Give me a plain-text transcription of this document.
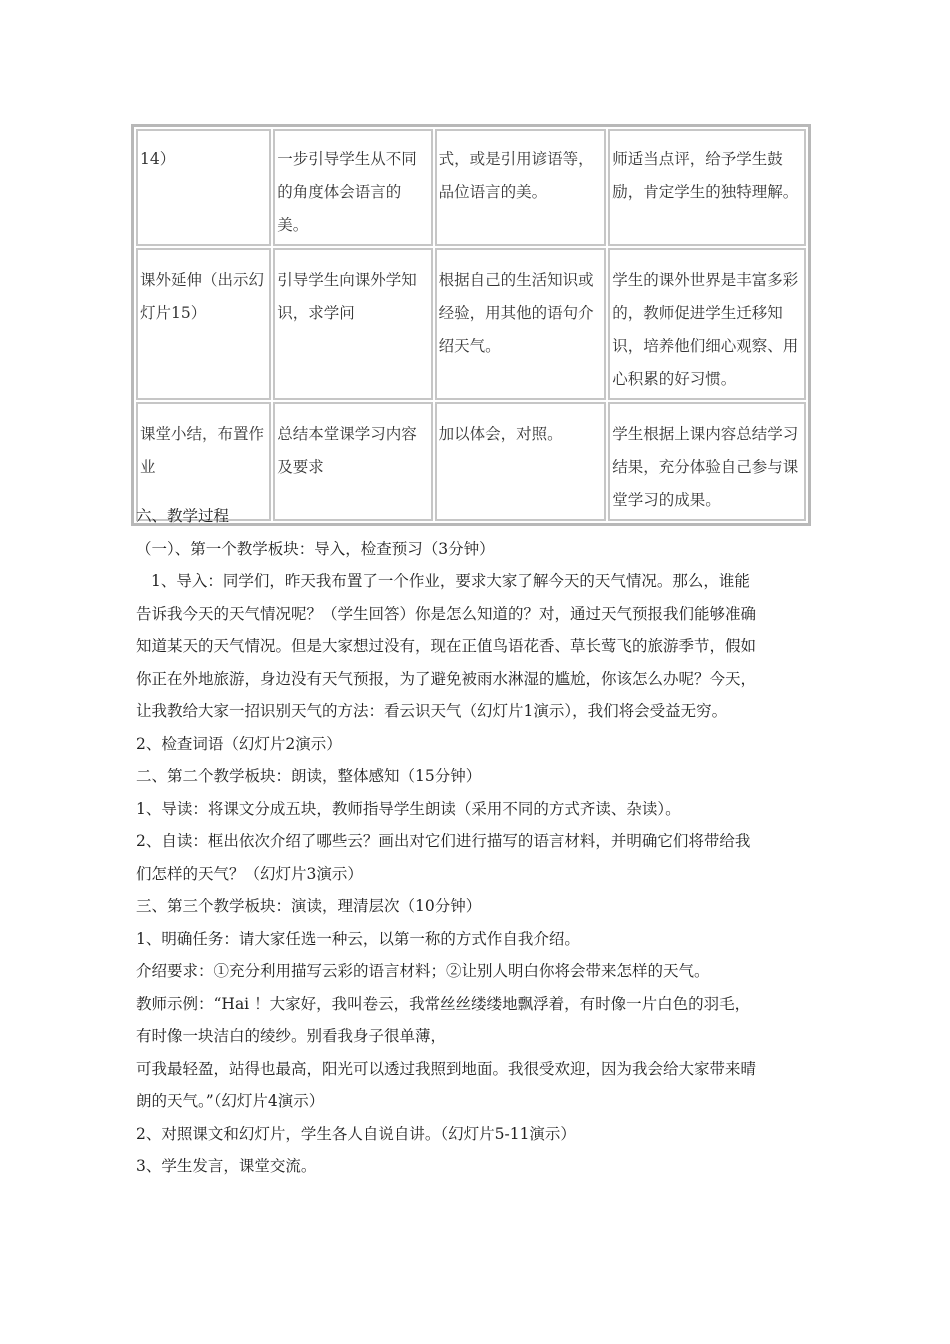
14）	一步引导学生从不同的角度体会语言的美。	式，或是引用谚语等，品位语言的美。	师适当点评，给予学生鼓励，肯定学生的独特理解。
课外延伸（出示幻灯片15）	引导学生向课外学知识，求学问	根据自己的生活知识或经验，用其他的语句介绍天气。	学生的课外世界是丰富多彩的，教师促进学生迁移知识，培养他们细心观察、用心积累的好习惯。
课堂小结，布置作业	总结本堂课学习内容及要求	加以体会，对照。	学生根据上课内容总结学习结果，充分体验自己参与课堂学习的成果。
六、教学过程
（一）、第一个教学板块：导入，检查预习（3分钟）
1、导入：同学们，昨天我布置了一个作业，要求大家了解今天的天气情况。那么，谁能
告诉我今天的天气情况呢？（学生回答）你是怎么知道的？对，通过天气预报我们能够准确
知道某天的天气情况。但是大家想过没有，现在正值鸟语花香、草长莺飞的旅游季节，假如
你正在外地旅游，身边没有天气预报，为了避免被雨水淋湿的尴尬，你该怎么办呢？今天，
让我教给大家一招识别天气的方法：看云识天气（幻灯片1演示），我们将会受益无穷。
2、检查词语（幻灯片2演示）
二、第二个教学板块：朗读，整体感知（15分钟）
1、导读：将课文分成五块，教师指导学生朗读（采用不同的方式齐读、杂读）。
2、自读：框出依次介绍了哪些云？画出对它们进行描写的语言材料，并明确它们将带给我
们怎样的天气？（幻灯片3演示）
三、第三个教学板块：演读，理清层次（10分钟）
1、明确任务：请大家任选一种云，以第一称的方式作自我介绍。
介绍要求：①充分利用描写云彩的语言材料；②让别人明白你将会带来怎样的天气。
教师示例：“Hai ！大家好，我叫卷云，我常丝丝缕缕地飘浮着，有时像一片白色的羽毛，
有时像一块洁白的绫纱。别看我身子很单薄，
可我最轻盈，站得也最高，阳光可以透过我照到地面。我很受欢迎，因为我会给大家带来晴
朗的天气。”（幻灯片4演示）
2、对照课文和幻灯片，学生各人自说自讲。（幻灯片5-11演示）
3、学生发言，课堂交流。
